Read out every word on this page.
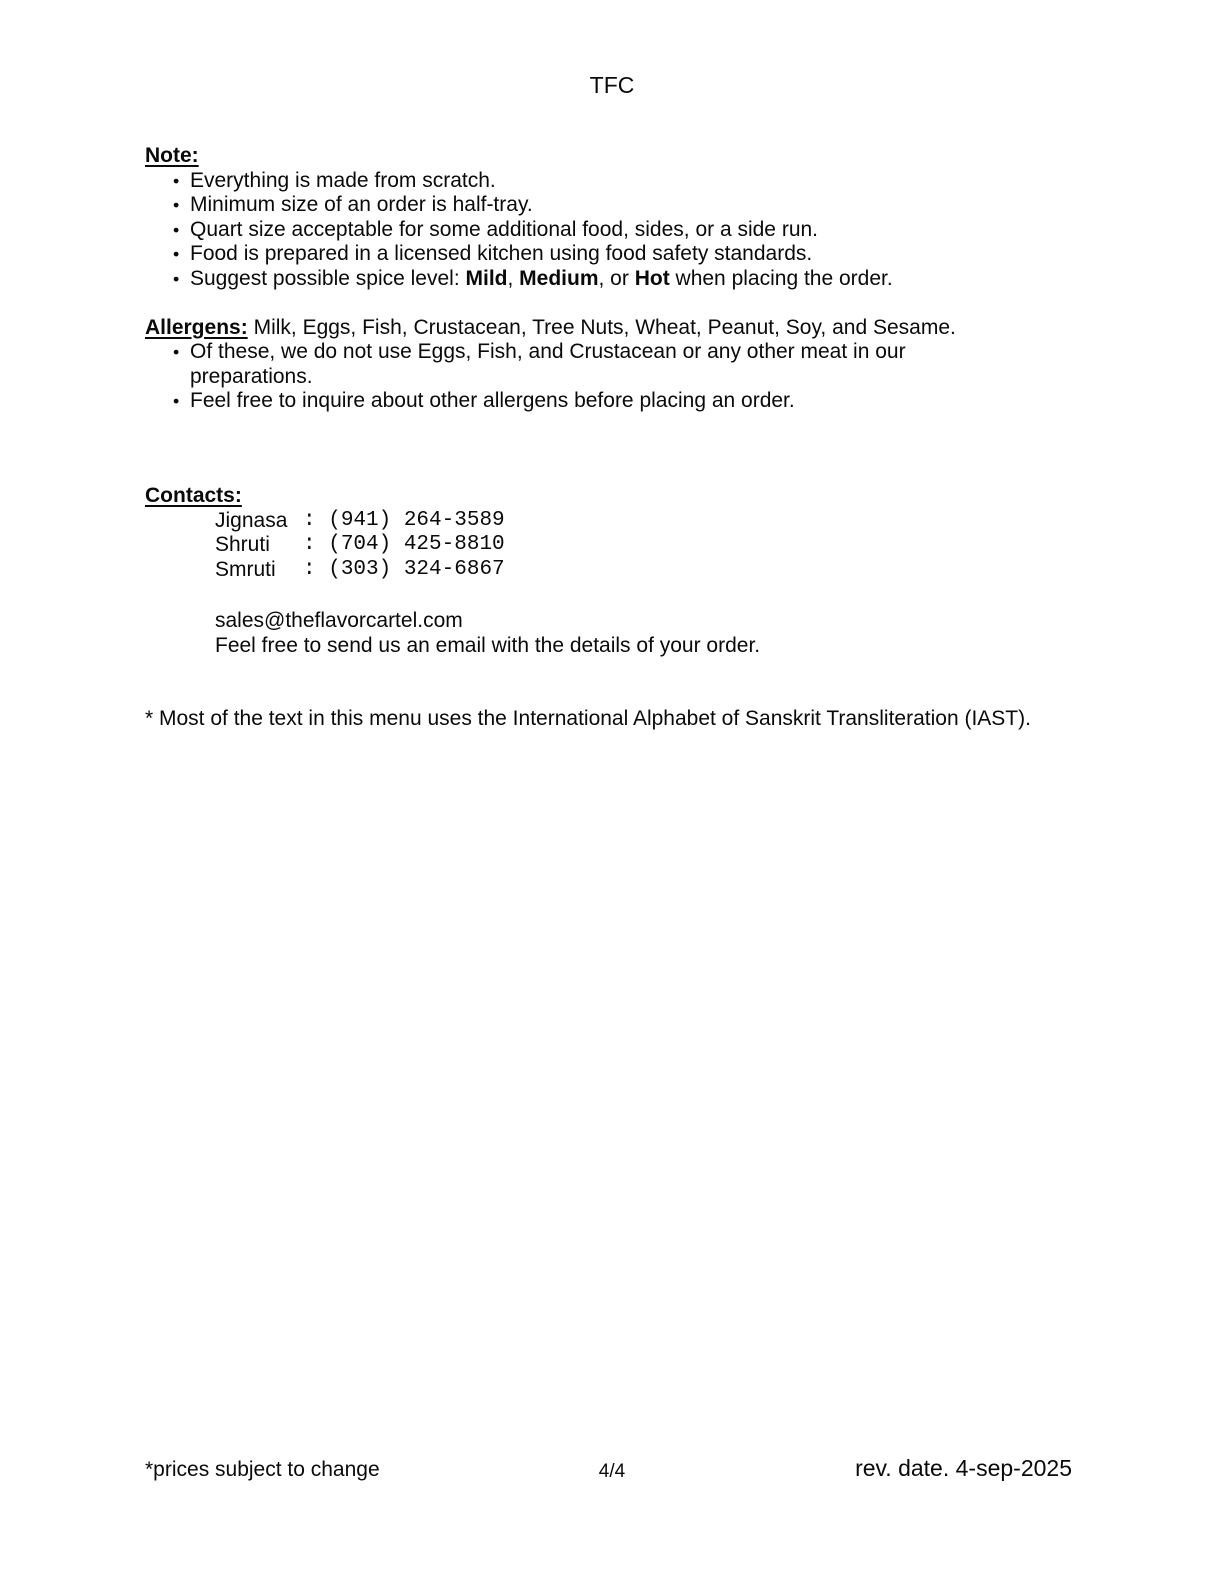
TFC
Note:
• Everything is made from scratch.
• Minimum size of an order is half-tray.
• Quart size acceptable for some additional food, sides, or a side run.
• Food is prepared in a licensed kitchen using food safety standards.
• Suggest possible spice level: Mild, Medium, or Hot when placing the order.
Allergens: Milk, Eggs, Fish, Crustacean, Tree Nuts, Wheat, Peanut, Soy, and Sesame.
• Of these, we do not use Eggs, Fish, and Crustacean or any other meat in our preparations.
• Feel free to inquire about other allergens before placing an order.
Contacts:
Jignasa : (941) 264-3589
Shruti	: (704) 425-8810
Smruti	: (303) 324-6867
sales@theflavorcartel.com
Feel free to send us an email with the details of your order.
* Most of the text in this menu uses the International Alphabet of Sanskrit Transliteration (IAST).
*prices subject to change	4/4	rev. date. 4-sep-2025
